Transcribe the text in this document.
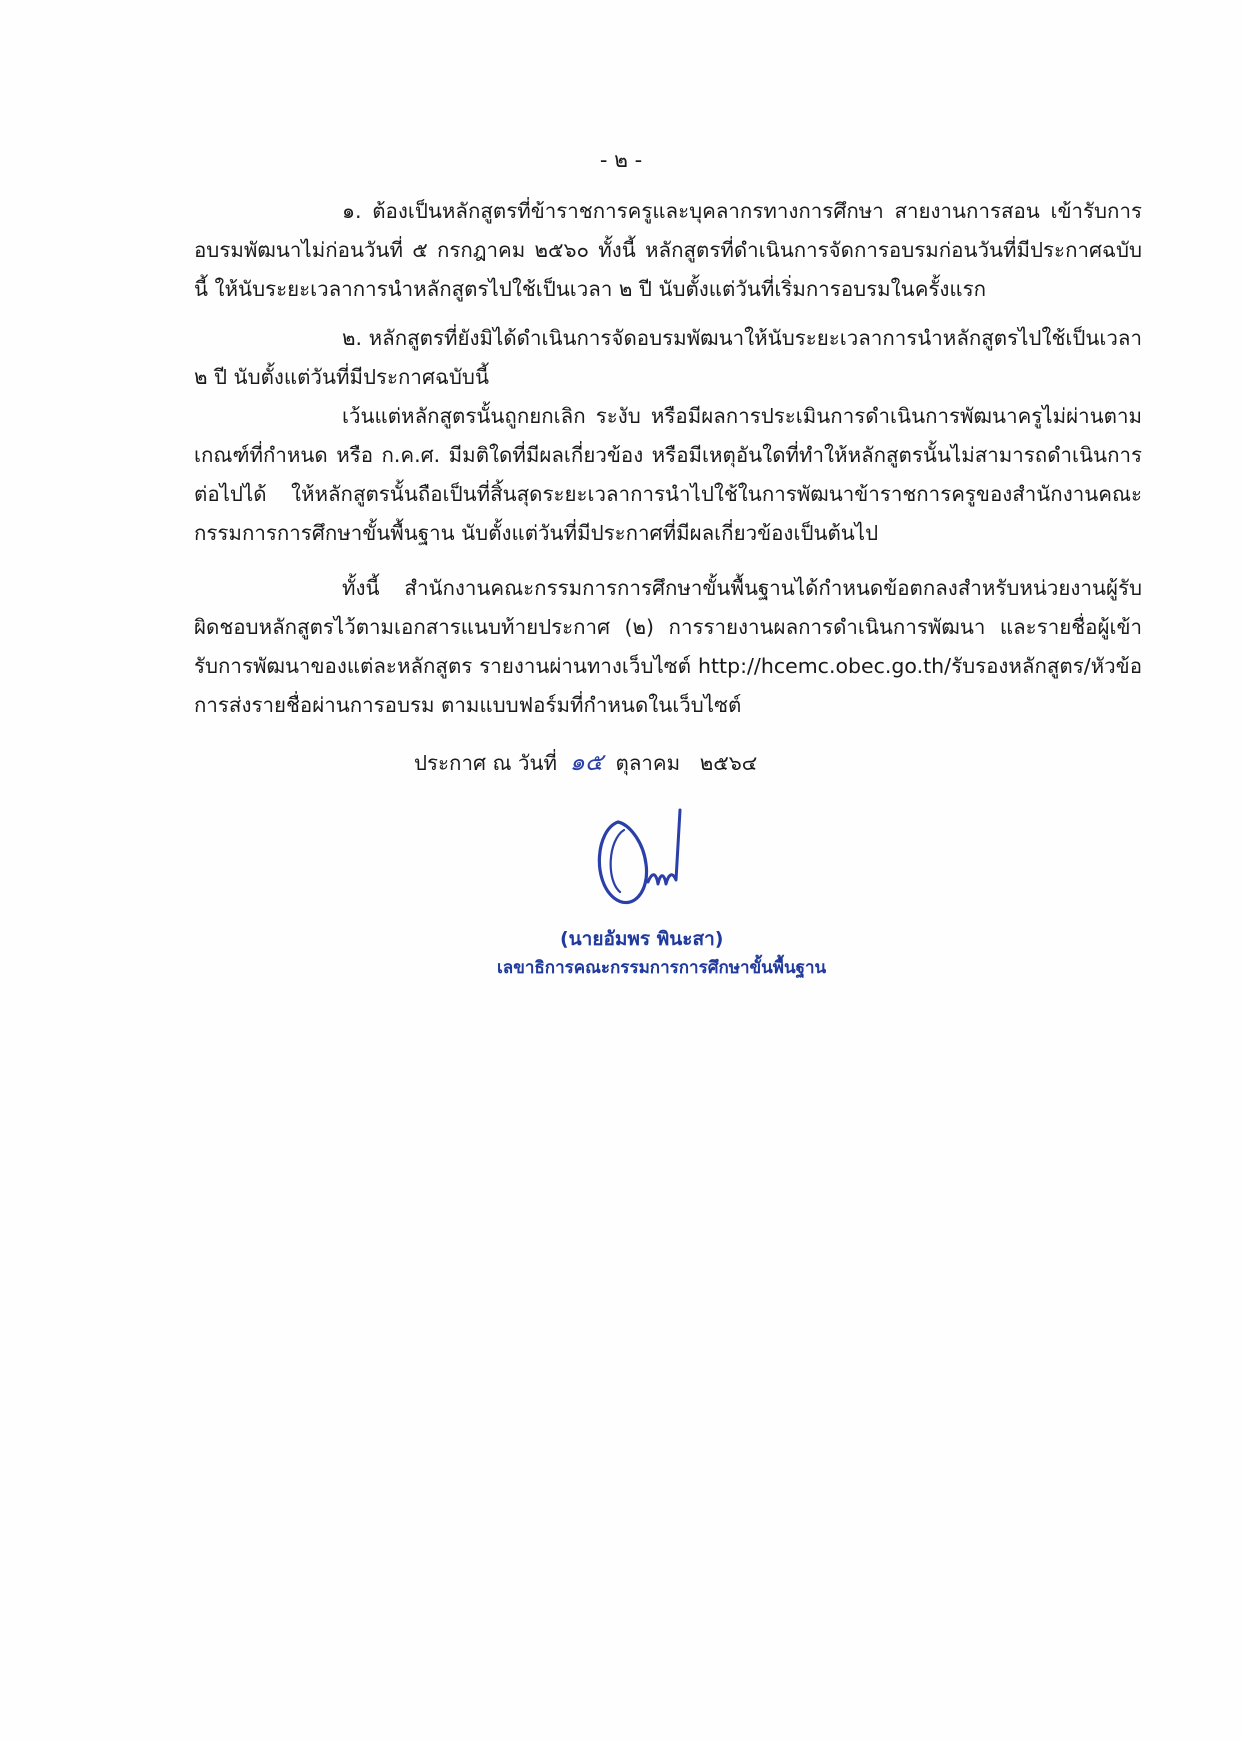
- ๒ -

๑. ต้องเป็นหลักสูตรที่ข้าราชการครูและบุคลากรทางการศึกษา สายงานการสอน เข้ารับการอบรมพัฒนาไม่ก่อนวันที่ ๕ กรกฎาคม ๒๕๖๐ ทั้งนี้ หลักสูตรที่ดำเนินการจัดการอบรมก่อนวันที่มีประกาศฉบับนี้ ให้นับระยะเวลาการนำหลักสูตรไปใช้เป็นเวลา ๒ ปี นับตั้งแต่วันที่เริ่มการอบรมในครั้งแรก

๒. หลักสูตรที่ยังมิได้ดำเนินการจัดอบรมพัฒนาให้นับระยะเวลาการนำหลักสูตรไปใช้เป็นเวลา ๒ ปี นับตั้งแต่วันที่มีประกาศฉบับนี้

เว้นแต่หลักสูตรนั้นถูกยกเลิก ระงับ หรือมีผลการประเมินการดำเนินการพัฒนาครูไม่ผ่านตามเกณฑ์ที่กำหนด หรือ ก.ค.ศ. มีมติใดที่มีผลเกี่ยวข้อง หรือมีเหตุอันใดที่ทำให้หลักสูตรนั้นไม่สามารถดำเนินการต่อไปได้ ให้หลักสูตรนั้นถือเป็นที่สิ้นสุดระยะเวลาการนำไปใช้ในการพัฒนาข้าราชการครูของสำนักงานคณะกรรมการการศึกษาขั้นพื้นฐาน นับตั้งแต่วันที่มีประกาศที่มีผลเกี่ยวข้องเป็นต้นไป

ทั้งนี้ สำนักงานคณะกรรมการการศึกษาขั้นพื้นฐานได้กำหนดข้อตกลงสำหรับหน่วยงานผู้รับผิดชอบหลักสูตรไว้ตามเอกสารแนบท้ายประกาศ (๒) การรายงานผลการดำเนินการพัฒนา และรายชื่อผู้เข้ารับการพัฒนาของแต่ละหลักสูตร รายงานผ่านทางเว็บไซต์ http://hcemc.obec.go.th/รับรองหลักสูตร/หัวข้อการส่งรายชื่อผ่านการอบรม ตามแบบฟอร์มที่กำหนดในเว็บไซต์

ประกาศ ณ วันที่ ๑๕ ตุลาคม ๒๕๖๔
(นายอัมพร พินะสา)
เลขาธิการคณะกรรมการการศึกษาขั้นพื้นฐาน
